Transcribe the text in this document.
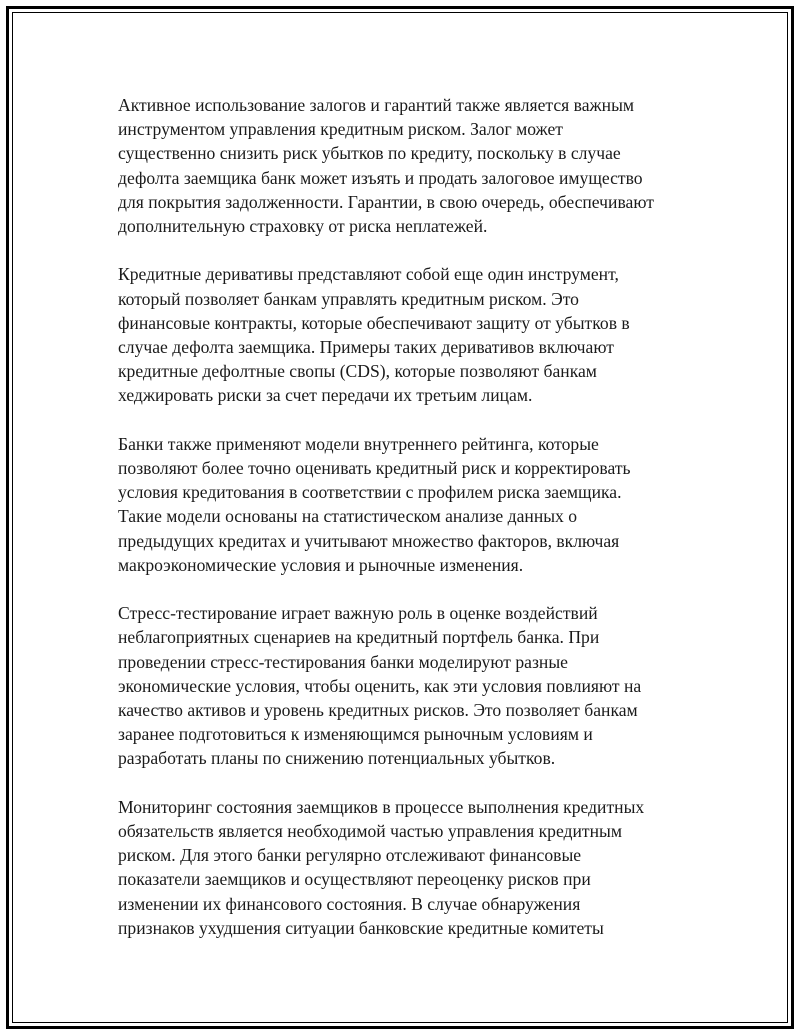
Активное использование залогов и гарантий также является важным
инструментом управления кредитным риском. Залог может
существенно снизить риск убытков по кредиту, поскольку в случае
дефолта заемщика банк может изъять и продать залоговое имущество
для покрытия задолженности. Гарантии, в свою очередь, обеспечивают
дополнительную страховку от риска неплатежей.

Кредитные деривативы представляют собой еще один инструмент,
который позволяет банкам управлять кредитным риском. Это
финансовые контракты, которые обеспечивают защиту от убытков в
случае дефолта заемщика. Примеры таких деривативов включают
кредитные дефолтные свопы (CDS), которые позволяют банкам
хеджировать риски за счет передачи их третьим лицам.

Банки также применяют модели внутреннего рейтинга, которые
позволяют более точно оценивать кредитный риск и корректировать
условия кредитования в соответствии с профилем риска заемщика.
Такие модели основаны на статистическом анализе данных о
предыдущих кредитах и учитывают множество факторов, включая
макроэкономические условия и рыночные изменения.

Стресс-тестирование играет важную роль в оценке воздействий
неблагоприятных сценариев на кредитный портфель банка. При
проведении стресс-тестирования банки моделируют разные
экономические условия, чтобы оценить, как эти условия повлияют на
качество активов и уровень кредитных рисков. Это позволяет банкам
заранее подготовиться к изменяющимся рыночным условиям и
разработать планы по снижению потенциальных убытков.

Мониторинг состояния заемщиков в процессе выполнения кредитных
обязательств является необходимой частью управления кредитным
риском. Для этого банки регулярно отслеживают финансовые
показатели заемщиков и осуществляют переоценку рисков при
изменении их финансового состояния. В случае обнаружения
признаков ухудшения ситуации банковские кредитные комитеты
